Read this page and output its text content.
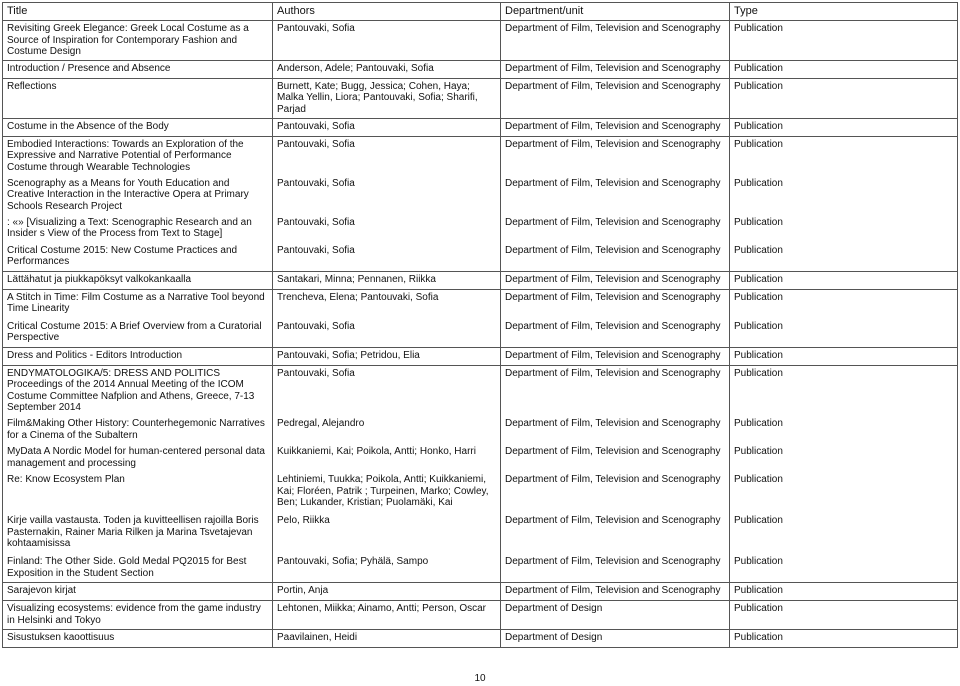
Title	Authors	Department/unit	Type
Revisiting Greek Elegance: Greek Local Costume as a Source of Inspiration for Contemporary Fashion and Costume Design	Pantouvaki, Sofia	Department of Film, Television and Scenography	Publication
Introduction / Presence and Absence	Anderson, Adele; Pantouvaki, Sofia	Department of Film, Television and Scenography	Publication
Reflections	Burnett, Kate; Bugg, Jessica; Cohen, Haya; Malka Yellin, Liora; Pantouvaki, Sofia; Sharifi, Parjad	Department of Film, Television and Scenography	Publication
Costume in the Absence of the Body	Pantouvaki, Sofia	Department of Film, Television and Scenography	Publication
Embodied Interactions: Towards an Exploration of the Expressive and Narrative Potential of Performance Costume through Wearable Technologies	Pantouvaki, Sofia	Department of Film, Television and Scenography	Publication
Scenography as a Means for Youth Education and Creative Interaction in the Interactive Opera at Primary Schools Research Project	Pantouvaki, Sofia	Department of Film, Television and Scenography	Publication
: «» [Visualizing a Text: Scenographic Research and an Insider s View of the Process from Text to Stage]	Pantouvaki, Sofia	Department of Film, Television and Scenography	Publication
Critical Costume 2015: New Costume Practices and Performances	Pantouvaki, Sofia	Department of Film, Television and Scenography	Publication
Lättähatut ja piukkapöksyt valkokankaalla	Santakari, Minna; Pennanen, Riikka	Department of Film, Television and Scenography	Publication
A Stitch in Time: Film Costume as a Narrative Tool beyond Time Linearity	Trencheva, Elena; Pantouvaki, Sofia	Department of Film, Television and Scenography	Publication
Critical Costume 2015: A Brief Overview from a Curatorial Perspective	Pantouvaki, Sofia	Department of Film, Television and Scenography	Publication
Dress and Politics - Editors Introduction	Pantouvaki, Sofia; Petridou, Elia	Department of Film, Television and Scenography	Publication
ENDYMATOLOGIKA/5: DRESS AND POLITICS Proceedings of the 2014 Annual Meeting of the ICOM Costume Committee Nafplion and Athens, Greece, 7-13 September 2014	Pantouvaki, Sofia	Department of Film, Television and Scenography	Publication
Film&Making Other History: Counterhegemonic Narratives for a Cinema of the Subaltern	Pedregal, Alejandro	Department of Film, Television and Scenography	Publication
MyData A Nordic Model for human-centered personal data management and processing	Kuikkaniemi, Kai; Poikola, Antti; Honko, Harri	Department of Film, Television and Scenography	Publication
Re: Know Ecosystem Plan	Lehtiniemi, Tuukka; Poikola, Antti; Kuikkaniemi, Kai; Floréen, Patrik ; Turpeinen, Marko; Cowley, Ben; Lukander, Kristian; Puolamäki, Kai	Department of Film, Television and Scenography	Publication
Kirje vailla vastausta. Toden ja kuvitteellisen rajoilla Boris Pasternakin, Rainer Maria Rilken ja Marina Tsvetajevan kohtaamisissa	Pelo, Riikka	Department of Film, Television and Scenography	Publication
Finland: The Other Side. Gold Medal PQ2015 for Best Exposition in the Student Section	Pantouvaki, Sofia; Pyhälä, Sampo	Department of Film, Television and Scenography	Publication
Sarajevon kirjat	Portin, Anja	Department of Film, Television and Scenography	Publication
Visualizing ecosystems: evidence from the game industry in Helsinki and Tokyo	Lehtonen, Miikka; Ainamo, Antti; Person, Oscar	Department of Design	Publication
Sisustuksen kaoottisuus	Paavilainen, Heidi	Department of Design	Publication
10
